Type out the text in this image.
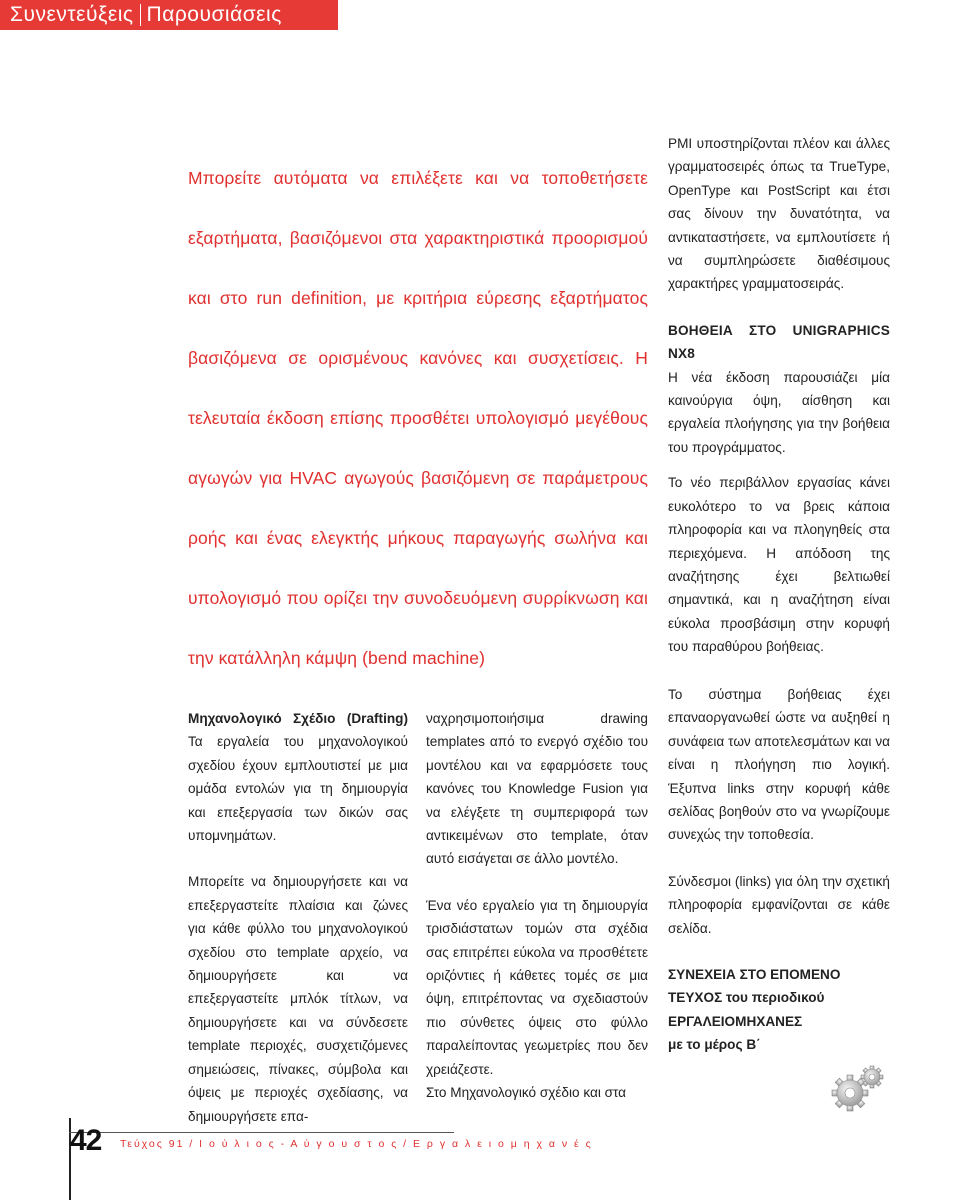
Συνεντεύξεις Παρουσιάσεις
Μπορείτε αυτόματα να επιλέξετε και να τοποθετήσετε εξαρτήματα, βασιζόμενοι στα χαρακτηριστικά προορισμού και στο run definition, με κριτήρια εύρεσης εξαρτήματος βασιζόμενα σε ορισμένους κανόνες και συσχετίσεις. Η τελευταία έκδοση επίσης προσθέτει υπολογισμό μεγέθους αγωγών για HVAC αγωγούς βασιζόμενη σε παράμετρους ροής και ένας ελεγκτής μήκους παραγωγής σωλήνα και υπολογισμό που ορίζει την συνοδευόμενη συρρίκνωση και την κατάλληλη κάμψη (bend machine)

PMI υποστηρίζονται πλέον και άλλες γραμματοσειρές όπως τα TrueType, OpenType και PostScript και έτσι σας δίνουν την δυνατότητα, να αντικαταστήσετε, να εμπλουτίσετε ή να συμπληρώσετε διαθέσιμους χαρακτήρες γραμματοσειράς.

ΒΟΗΘΕΙΑ ΣΤΟ UNIGRAPHICS NX8

Η νέα έκδοση παρουσιάζει μία καινούργια όψη, αίσθηση και εργαλεία πλοήγησης για την βοήθεια του προγράμματος.

Το νέο περιβάλλον εργασίας κάνει ευκολότερο το να βρεις κάποια πληροφορία και να πλοηγηθείς στα περιεχόμενα. Η απόδοση της αναζήτησης έχει βελτιωθεί σημαντικά, και η αναζήτηση είναι εύκολα προσβάσιμη στην κορυφή του παραθύρου βοήθειας.

Μηχανολογικό Σχέδιο (Drafting) Τα εργαλεία του μηχανολογικού σχεδίου έχουν εμπλουτιστεί με μια ομάδα εντολών για τη δημιουργία και επεξεργασία των δικών σας υπομνημάτων.

Μπορείτε να δημιουργήσετε και να επεξεργαστείτε πλαίσια και ζώνες για κάθε φύλλο του μηχανολογικού σχεδίου στο template αρχείο, να δημιουργήσετε και να επεξεργαστείτε μπλόκ τίτλων, να δημιουργήσετε και να σύνδεσετε template περιοχές, συσχετιζόμενες σημειώσεις, πίνακες, σύμβολα και όψεις με περιοχές σχεδίασης, να δημιουργήσετε επα-

ναχρησιμοποιήσιμα drawing templates από το ενεργό σχέδιο του μοντέλου και να εφαρμόσετε τους κανόνες του Knowledge Fusion για να ελέγξετε τη συμπεριφορά των αντικειμένων στο template, όταν αυτό εισάγεται σε άλλο μοντέλο.

Ένα νέο εργαλείο για τη δημιουργία τρισδιάστατων τομών στα σχέδια σας επιτρέπει εύκολα να προσθέτετε οριζόντιες ή κάθετες τομές σε μια όψη, επιτρέποντας να σχεδιαστούν πιο σύνθετες όψεις στο φύλλο παραλείποντας γεωμετρίες που δεν χρειάζεστε.

Στο Μηχανολογικό σχέδιο και στα

Το σύστημα βοήθειας έχει επαναοργανωθεί ώστε να αυξηθεί η συνάφεια των αποτελεσμάτων και να είναι η πλοήγηση πιο λογική. Έξυπνα links στην κορυφή κάθε σελίδας βοηθούν στο να γνωρίζουμε συνεχώς την τοποθεσία.

Σύνδεσμοι (links) για όλη την σχετική πληροφορία εμφανίζονται σε κάθε σελίδα.

ΣΥΝΕΧΕΙΑ ΣΤΟ ΕΠΟΜΕΝΟ

ΤΕΥΧΟΣ του περιοδικού

ΕΡΓΑΛΕΙΟΜΗΧΑΝΕΣ

με το μέρος Β΄

42 Τεύχος 91 / Ι ο ύ λ ι ο ς - Α ύ γ ο υ σ τ ο ς / Ε ρ γ α λ ε ι ο μ η χ α ν έ ς
